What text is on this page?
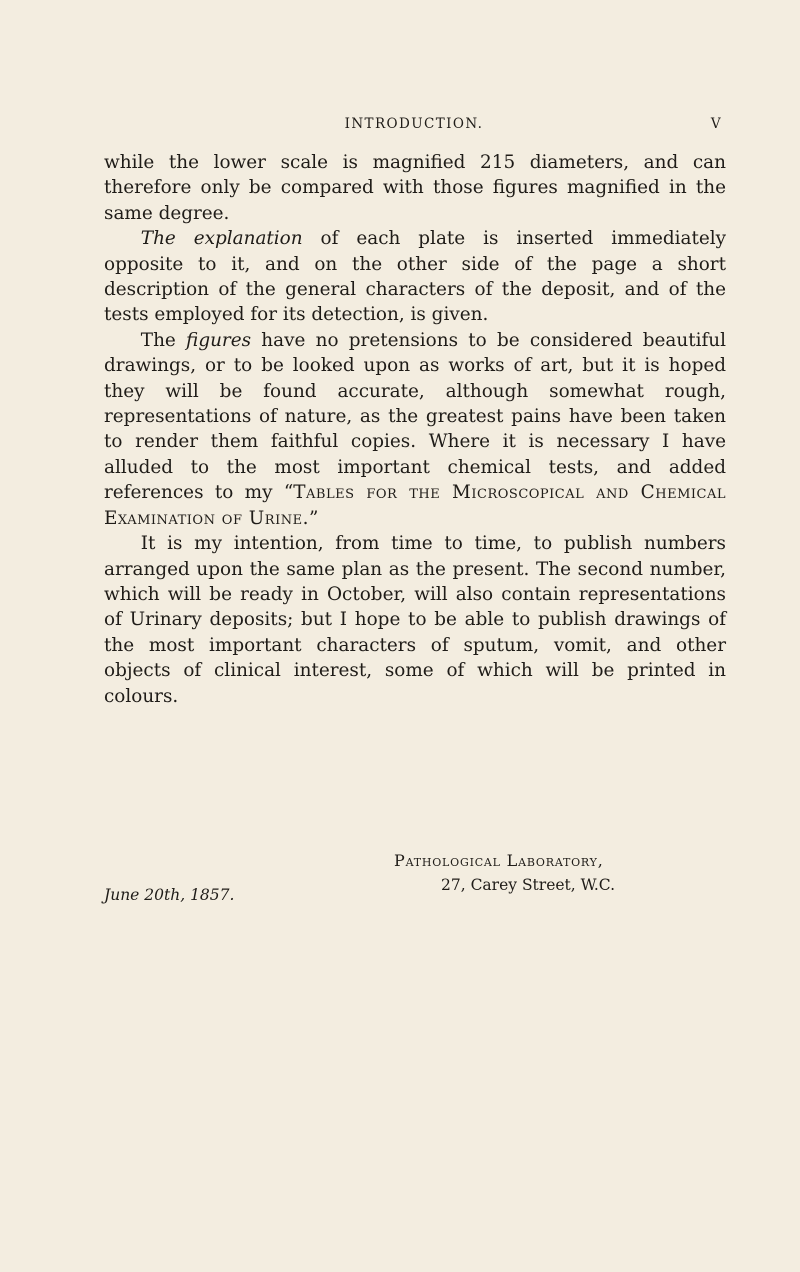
INTRODUCTION.	V

while the lower scale is magnified 215 diameters, and can therefore only be compared with those figures magnified in the same degree.

The explanation of each plate is inserted immediately opposite to it, and on the other side of the page a short description of the general characters of the deposit, and of the tests employed for its detection, is given.

The figures have no pretensions to be considered beautiful drawings, or to be looked upon as works of art, but it is hoped they will be found accurate, although somewhat rough, representations of nature, as the greatest pains have been taken to render them faithful copies. Where it is necessary I have alluded to the most important chemical tests, and added references to my “Tables for the Microscopical and Chemical Examination of Urine.”

It is my intention, from time to time, to publish numbers arranged upon the same plan as the present. The second number, which will be ready in October, will also contain representations of Urinary deposits; but I hope to be able to publish drawings of the most important characters of sputum, vomit, and other objects of clinical interest, some of which will be printed in colours.

Pathological Laboratory,
27, Carey Street, W.C.
June 20th, 1857.
